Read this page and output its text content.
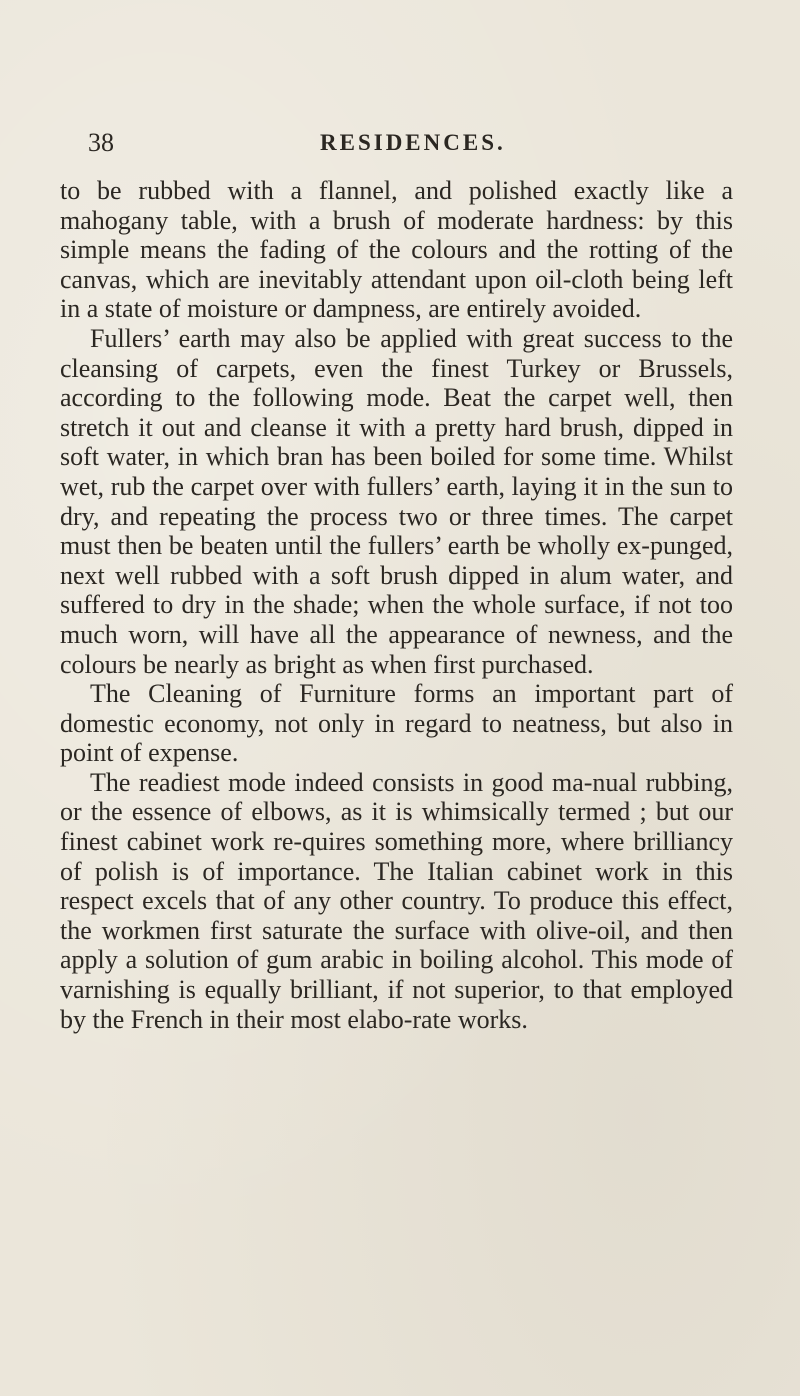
38	RESIDENCES.

to be rubbed with a flannel, and polished exactly like a mahogany table, with a brush of moderate hardness: by this simple means the fading of the colours and the rotting of the canvas, which are inevitably attendant upon oil-cloth being left in a state of moisture or dampness, are entirely avoided.

Fullers’ earth may also be applied with great success to the cleansing of carpets, even the finest Turkey or Brussels, according to the following mode. Beat the carpet well, then stretch it out and cleanse it with a pretty hard brush, dipped in soft water, in which bran has been boiled for some time. Whilst wet, rub the carpet over with fullers’ earth, laying it in the sun to dry, and repeating the process two or three times. The carpet must then be beaten until the fullers’ earth be wholly ex-punged, next well rubbed with a soft brush dipped in alum water, and suffered to dry in the shade; when the whole surface, if not too much worn, will have all the appearance of newness, and the colours be nearly as bright as when first purchased.

The Cleaning of Furniture forms an important part of domestic economy, not only in regard to neatness, but also in point of expense.

The readiest mode indeed consists in good ma-nual rubbing, or the essence of elbows, as it is whimsically termed ; but our finest cabinet work re-quires something more, where brilliancy of polish is of importance. The Italian cabinet work in this respect excels that of any other country. To produce this effect, the workmen first saturate the surface with olive-oil, and then apply a solution of gum arabic in boiling alcohol. This mode of varnishing is equally brilliant, if not superior, to that employed by the French in their most elabo-rate works.
